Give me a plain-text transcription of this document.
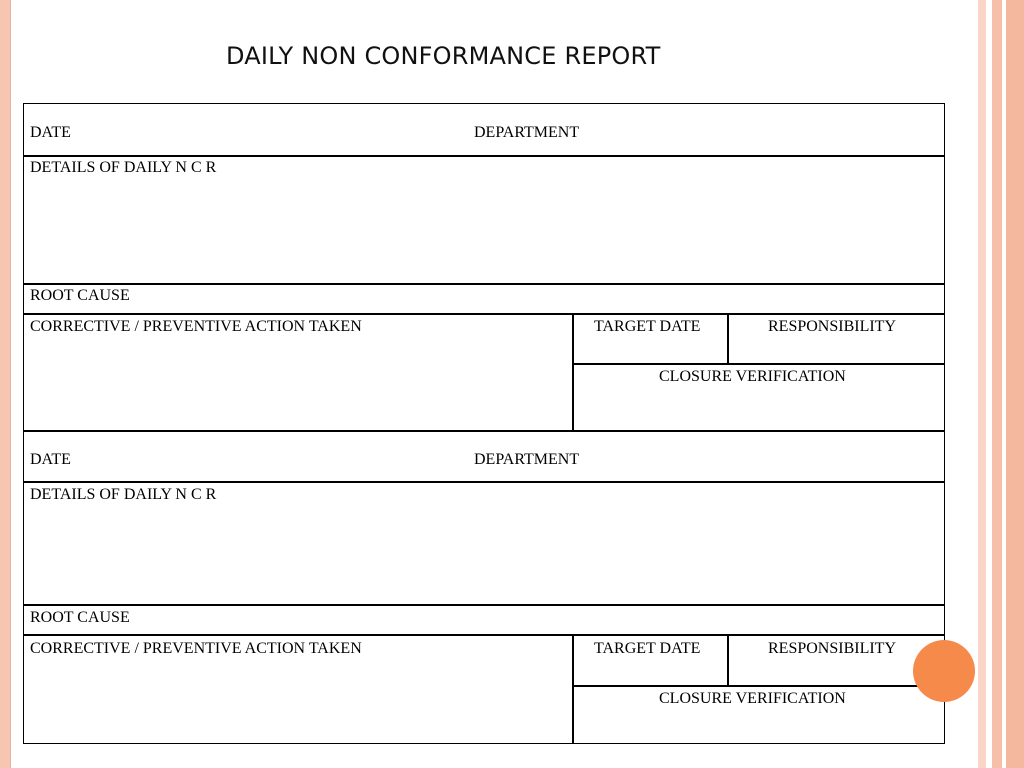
DAILY NON CONFORMANCE REPORT
DATE	DEPARTMENT
DETAILS OF DAILY N C R
ROOT CAUSE
CORRECTIVE / PREVENTIVE ACTION TAKEN	TARGET DATE	RESPONSIBILITY
CLOSURE VERIFICATION
DATE	DEPARTMENT
DETAILS OF DAILY N C R
ROOT CAUSE
CORRECTIVE / PREVENTIVE ACTION TAKEN	TARGET DATE	RESPONSIBILITY
CLOSURE VERIFICATION
